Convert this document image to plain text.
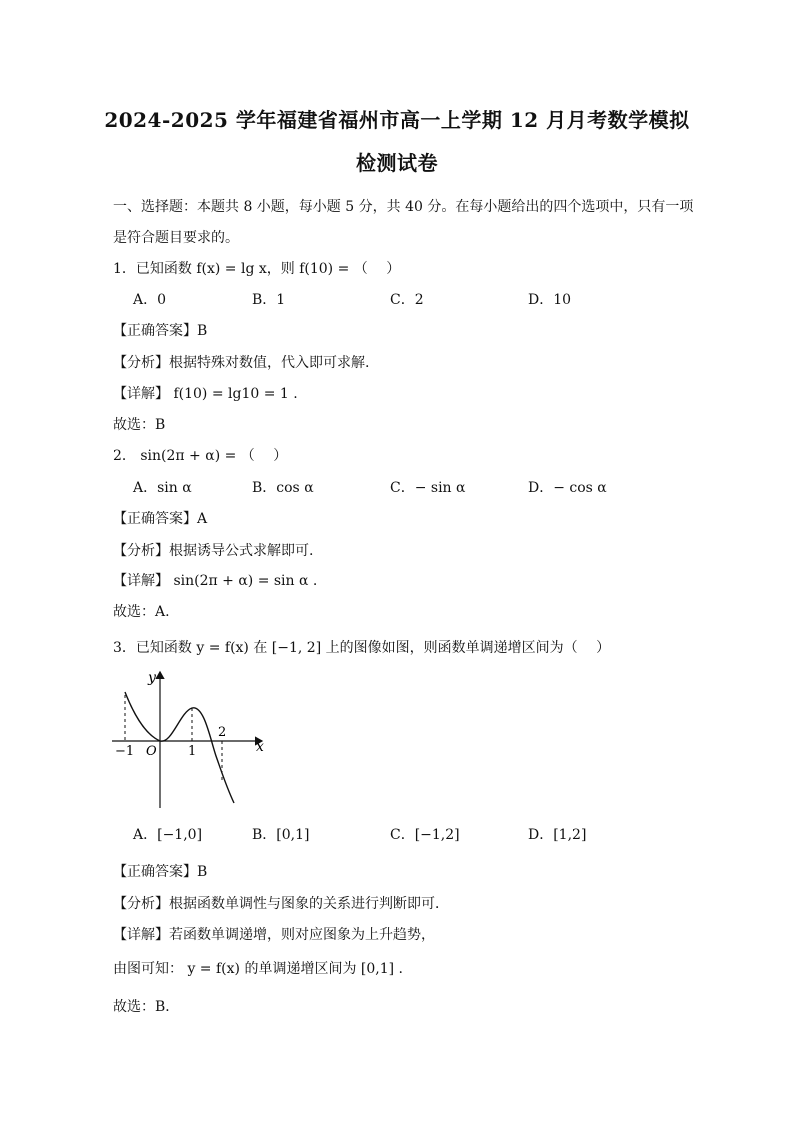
2024-2025 学年福建省福州市高一上学期 12 月月考数学模拟
检测试卷
一、选择题：本题共 8 小题，每小题 5 分，共 40 分。在每小题给出的四个选项中，只有一项
是符合题目要求的。
1．已知函数 f(x) = lg x，则 f(10) = （　 ）
A．0	B．1	C．2	D．10
【正确答案】B
【分析】根据特殊对数值，代入即可求解.
【详解】 f(10) = lg10 = 1 .
故选：B
2． sin(2π + α) = （　 ）
A．sin α	B．cos α	C．− sin α	D．− cos α
【正确答案】A
【分析】根据诱导公式求解即可.
【详解】 sin(2π + α) = sin α .
故选：A.
3．已知函数 y = f(x) 在 [−1, 2] 上的图像如图，则函数单调递增区间为（　 ）
y
x
O
−1	1
2
A．[−1,0]	B．[0,1]	C．[−1,2]	D．[1,2]
【正确答案】B
【分析】根据函数单调性与图象的关系进行判断即可．
【详解】若函数单调递增，则对应图象为上升趋势，
由图可知： y = f(x) 的单调递增区间为 [0,1] .
故选：B．
